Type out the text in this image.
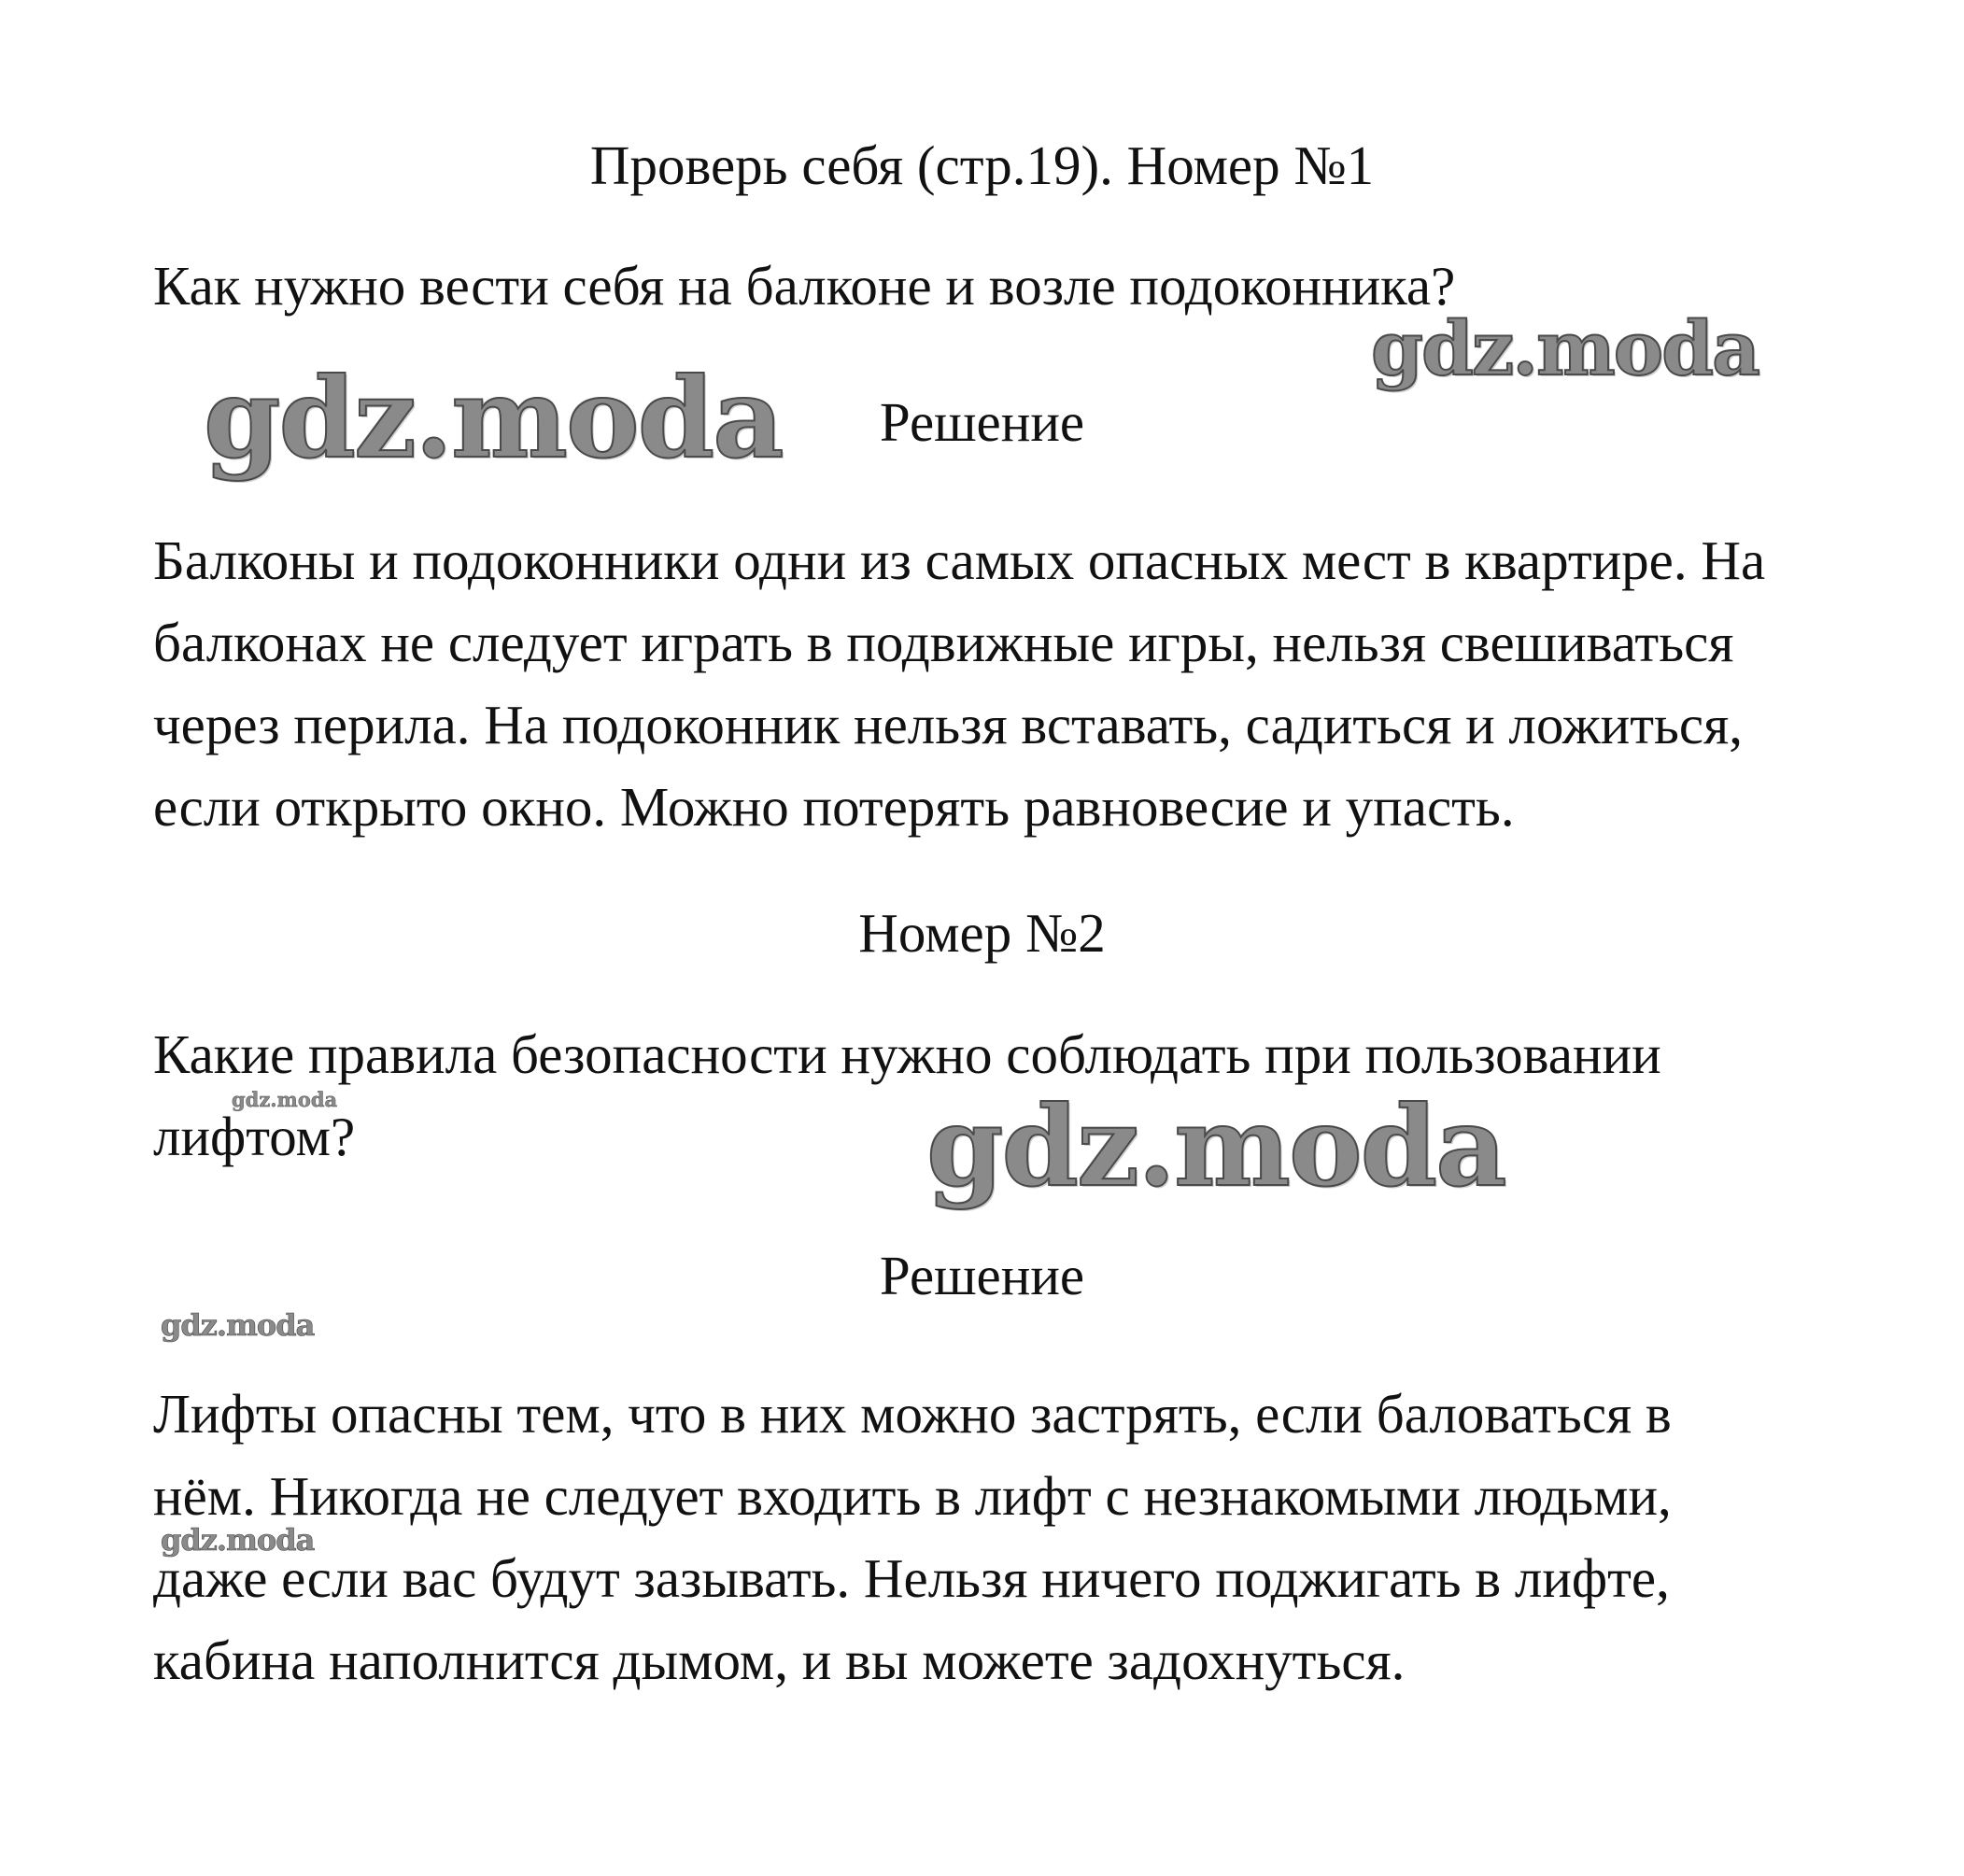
Проверь себя (стр.19). Номер №1
Как нужно вести себя на балконе и возле подоконника?
gdz.moda
gdz.moda	Решение
Балконы и подоконники одни из самых опасных мест в квартире. На
балконах не следует играть в подвижные игры, нельзя свешиваться
через перила. На подоконник нельзя вставать, садиться и ложиться,
если открыто окно. Можно потерять равновесие и упасть.
Номер №2
Какие правила безопасности нужно соблюдать при пользовании
лифтом?
gdz.moda	gdz.moda
Решение
gdz.moda
Лифты опасны тем, что в них можно застрять, если баловаться в
нём. Никогда не следует входить в лифт с незнакомыми людьми,
даже если вас будут зазывать. Нельзя ничего поджигать в лифте,
кабина наполнится дымом, и вы можете задохнуться.
gdz.moda
